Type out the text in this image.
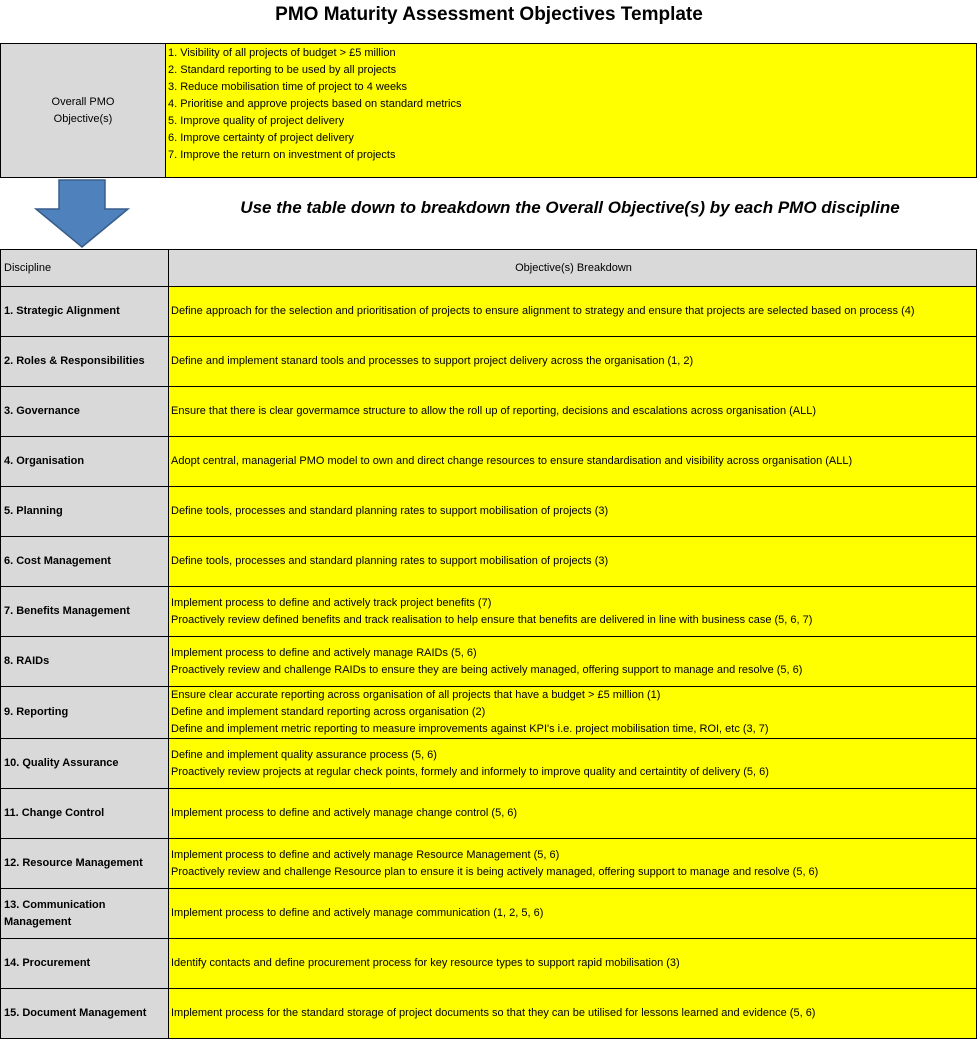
PMO Maturity Assessment Objectives Template
Overall PMO
Objective(s)

1. Visibility of all projects of budget > £5 million
2. Standard reporting to be used by all projects
3. Reduce mobilisation time of project to 4 weeks
4. Prioritise and approve projects based on standard metrics
5. Improve quality of project delivery
6. Improve certainty of project delivery
7. Improve the return on investment of projects
Use the table down to breakdown the Overall Objective(s) by each PMO discipline
Discipline	Objective(s) Breakdown
1. Strategic Alignment	Define approach for the selection and prioritisation of projects to ensure alignment to strategy and ensure that projects are selected based on process (4)

2. Roles & Responsibilities	Define and implement stanard tools and processes to support project delivery across the organisation (1, 2)

3. Governance	Ensure that there is clear govermamce structure to allow the roll up of reporting, decisions and escalations across organisation (ALL)

4. Organisation	Adopt central, managerial PMO model to own and direct change resources to ensure standardisation and visibility across organisation (ALL)

5. Planning	Define tools, processes and standard planning rates to support mobilisation of projects (3)

6. Cost Management	Define tools, processes and standard planning rates to support mobilisation of projects (3)

7. Benefits Management	Implement process to define and actively track project benefits (7)
Proactively review defined benefits and track realisation to help ensure that benefits are delivered in line with business case (5, 6, 7)

8. RAIDs	Implement process to define and actively manage RAIDs (5, 6)
Proactively review and challenge RAIDs to ensure they are being actively managed, offering support to manage and resolve (5, 6)

9. Reporting	Ensure clear accurate reporting across organisation of all projects that have a budget > £5 million (1)
Define and implement standard reporting across organisation (2)
Define and implement metric reporting to measure improvements against KPI's i.e. project mobilisation time, ROI, etc (3, 7)

10. Quality Assurance	Define and implement quality assurance process (5, 6)
Proactively review projects at regular check points, formely and informely to improve quality and certaintity of delivery (5, 6)

11. Change Control	Implement process to define and actively manage change control (5, 6)

12. Resource Management	Implement process to define and actively manage Resource Management (5, 6)
Proactively review and challenge Resource plan to ensure it is being actively managed, offering support to manage and resolve (5, 6)

13. Communication Management	Implement process to define and actively manage communication (1, 2, 5, 6)

14. Procurement	Identify contacts and define procurement process for key resource types to support rapid mobilisation (3)

15. Document Management	Implement process for the standard storage of project documents so that they can be utilised for lessons learned and evidence (5, 6)
